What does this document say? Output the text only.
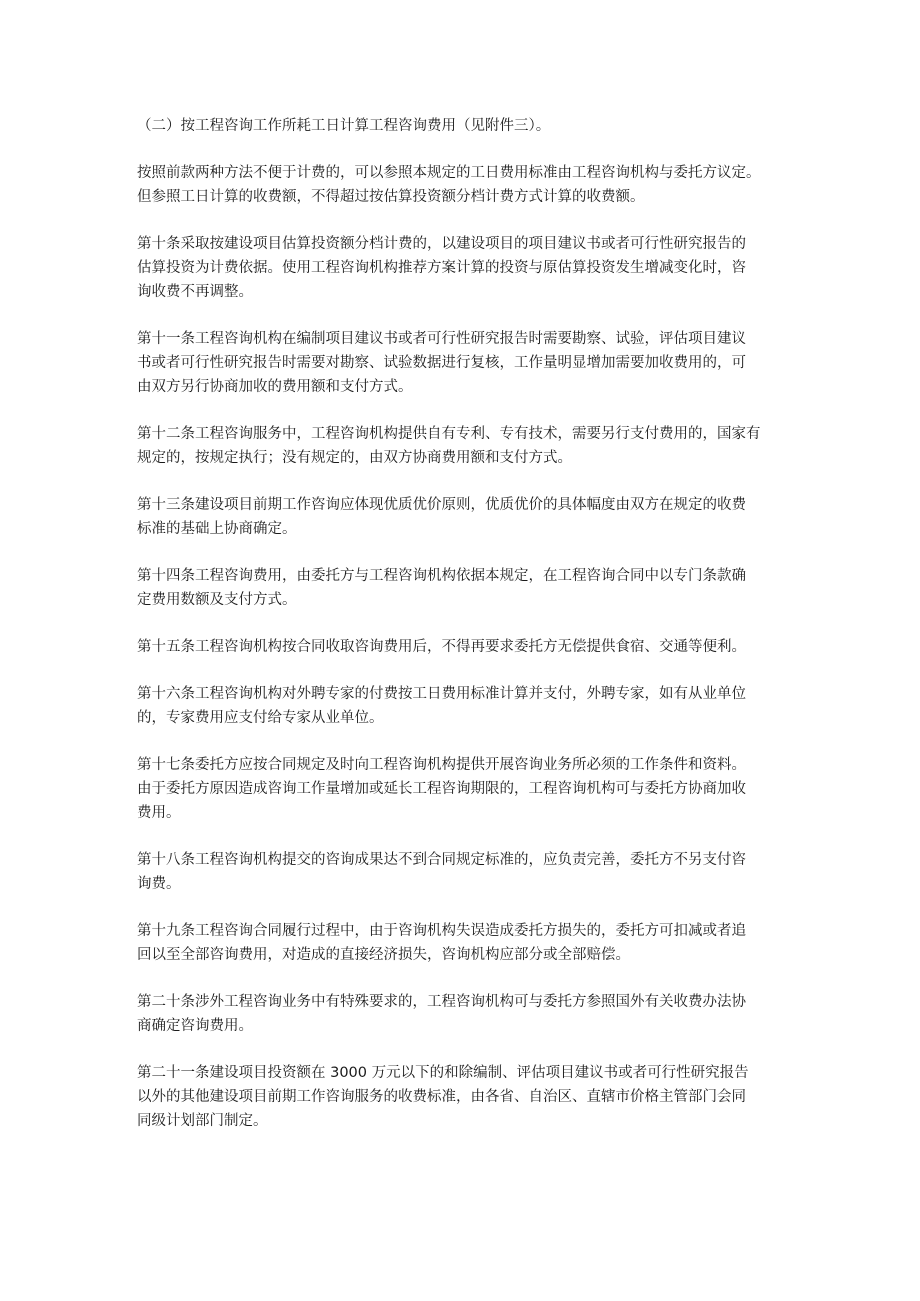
（二）按工程咨询工作所耗工日计算工程咨询费用（见附件三）。

按照前款两种方法不便于计费的，可以参照本规定的工日费用标准由工程咨询机构与委托方议定。
但参照工日计算的收费额，不得超过按估算投资额分档计费方式计算的收费额。

第十条采取按建设项目估算投资额分档计费的，以建设项目的项目建议书或者可行性研究报告的
估算投资为计费依据。使用工程咨询机构推荐方案计算的投资与原估算投资发生增减变化时，咨
询收费不再调整。

第十一条工程咨询机构在编制项目建议书或者可行性研究报告时需要勘察、试验，评估项目建议
书或者可行性研究报告时需要对勘察、试验数据进行复核，工作量明显增加需要加收费用的，可
由双方另行协商加收的费用额和支付方式。

第十二条工程咨询服务中，工程咨询机构提供自有专利、专有技术，需要另行支付费用的，国家有
规定的，按规定执行；没有规定的，由双方协商费用额和支付方式。

第十三条建设项目前期工作咨询应体现优质优价原则，优质优价的具体幅度由双方在规定的收费
标准的基础上协商确定。

第十四条工程咨询费用，由委托方与工程咨询机构依据本规定，在工程咨询合同中以专门条款确
定费用数额及支付方式。

第十五条工程咨询机构按合同收取咨询费用后，不得再要求委托方无偿提供食宿、交通等便利。

第十六条工程咨询机构对外聘专家的付费按工日费用标准计算并支付，外聘专家，如有从业单位
的，专家费用应支付给专家从业单位。

第十七条委托方应按合同规定及时向工程咨询机构提供开展咨询业务所必须的工作条件和资料。
由于委托方原因造成咨询工作量增加或延长工程咨询期限的，工程咨询机构可与委托方协商加收
费用。

第十八条工程咨询机构提交的咨询成果达不到合同规定标准的，应负责完善，委托方不另支付咨
询费。

第十九条工程咨询合同履行过程中，由于咨询机构失误造成委托方损失的，委托方可扣减或者追
回以至全部咨询费用，对造成的直接经济损失，咨询机构应部分或全部赔偿。

第二十条涉外工程咨询业务中有特殊要求的，工程咨询机构可与委托方参照国外有关收费办法协
商确定咨询费用。

第二十一条建设项目投资额在 3000 万元以下的和除编制、评估项目建议书或者可行性研究报告
以外的其他建设项目前期工作咨询服务的收费标准，由各省、自治区、直辖市价格主管部门会同
同级计划部门制定。
